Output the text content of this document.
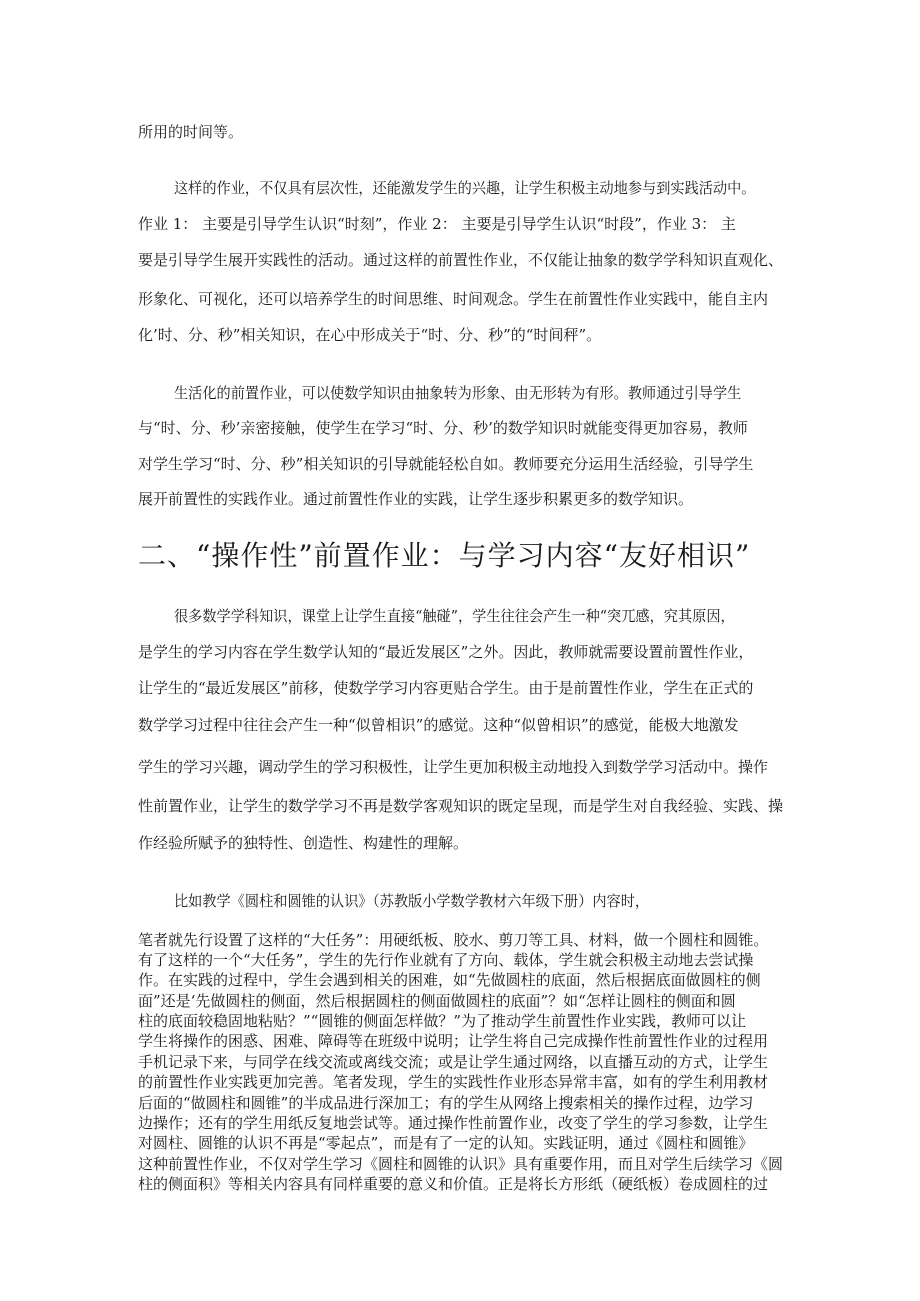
所用的时间等。
这样的作业，不仅具有层次性，还能激发学生的兴趣，让学生积极主动地参与到实践活动中。
作业 1： 主要是引导学生认识“时刻”，作业 2： 主要是引导学生认识“时段”，作业 3： 主
要是引导学生展开实践性的活动。通过这样的前置性作业，不仅能让抽象的数学学科知识直观化、
形象化、可视化，还可以培养学生的时间思维、时间观念。学生在前置性作业实践中，能自主内
化’时、分、秒”相关知识，在心中形成关于“时、分、秒”的“时间秤”。
生活化的前置作业，可以使数学知识由抽象转为形象、由无形转为有形。教师通过引导学生
与“时、分、秒’亲密接触，使学生在学习“时、分、秒’的数学知识时就能变得更加容易，教师
对学生学习“时、分、秒”相关知识的引导就能轻松自如。教师要充分运用生活经验，引导学生
展开前置性的实践作业。通过前置性作业的实践，让学生逐步积累更多的数学知识。
二、“操作性”前置作业：与学习内容“友好相识”
很多数学学科知识，课堂上让学生直接“触碰”，学生往往会产生一种“突兀感，究其原因，
是学生的学习内容在学生数学认知的“最近发展区”之外。因此，教师就需要设置前置性作业，
让学生的“最近发展区”前移，使数学学习内容更贴合学生。由于是前置性作业，学生在正式的
数学学习过程中往往会产生一种“似曾相识”的感觉。这种“似曾相识”的感觉，能极大地激发
学生的学习兴趣，调动学生的学习积极性，让学生更加积极主动地投入到数学学习活动中。操作
性前置作业，让学生的数学学习不再是数学客观知识的既定呈现，而是学生对自我经验、实践、操
作经验所赋予的独特性、创造性、构建性的理解。
比如教学《圆柱和圆锥的认识》（苏教版小学数学教材六年级下册）内容时，
笔者就先行设置了这样的“大任务”：用硬纸板、胶水、剪刀等工具、材料，做一个圆柱和圆锥。
有了这样的一个“大任务”，学生的先行作业就有了方向、载体，学生就会积极主动地去尝试操
作。在实践的过程中，学生会遇到相关的困难，如“先做圆柱的底面，然后根据底面做圆柱的侧
面”还是‘先做圆柱的侧面，然后根据圆柱的侧面做圆柱的底面”？如“怎样让圆柱的侧面和圆
柱的底面较稳固地粘贴？”“圆锥的侧面怎样做？”为了推动学生前置性作业实践，教师可以让
学生将操作的困惑、困难、障碍等在班级中说明；让学生将自己完成操作性前置性作业的过程用
手机记录下来，与同学在线交流或离线交流；或是让学生通过网络，以直播互动的方式，让学生
的前置性作业实践更加完善。笔者发现，学生的实践性作业形态异常丰富，如有的学生利用教材
后面的“做圆柱和圆锥”的半成品进行深加工；有的学生从网络上搜索相关的操作过程，边学习
边操作；还有的学生用纸反复地尝试等。通过操作性前置作业，改变了学生的学习参数，让学生
对圆柱、圆锥的认识不再是“零起点”，而是有了一定的认知。实践证明，通过《圆柱和圆锥》
这种前置性作业，不仅对学生学习《圆柱和圆锥的认识》具有重要作用，而且对学生后续学习《圆
柱的侧面积》等相关内容具有同样重要的意义和价值。正是将长方形纸（硬纸板）卷成圆柱的过
